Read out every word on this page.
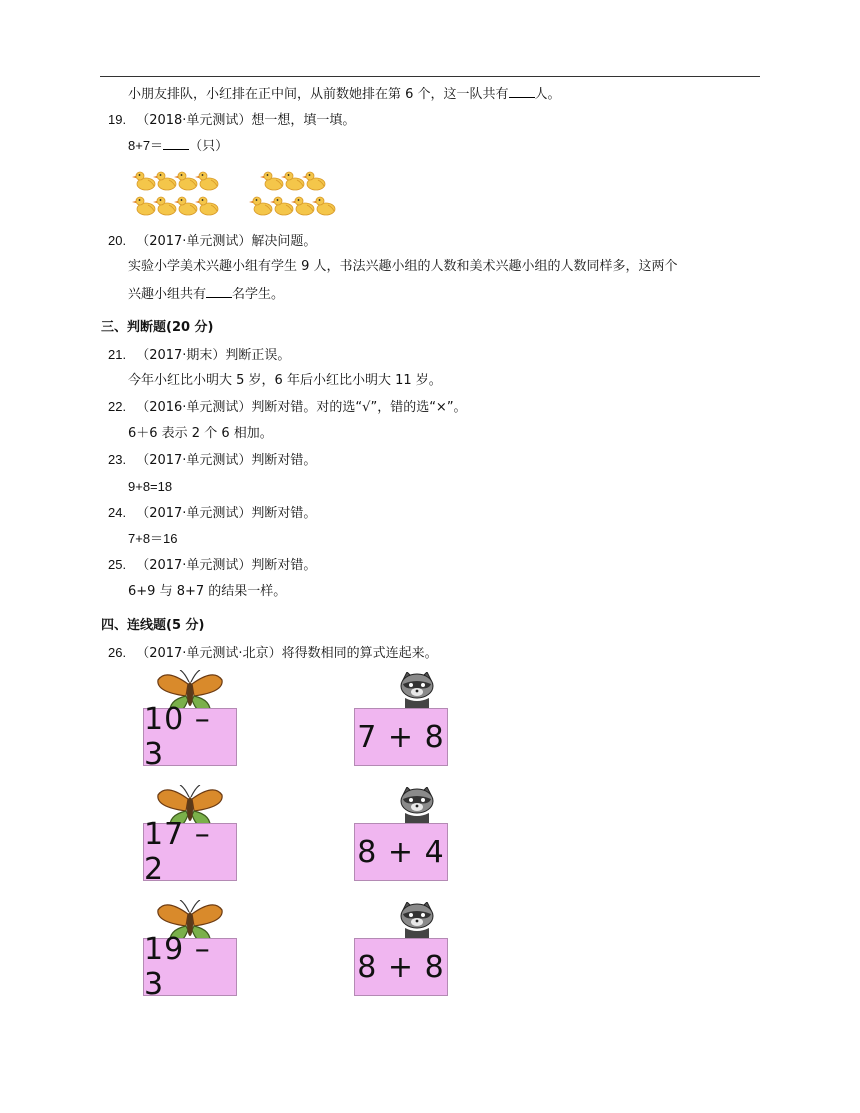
小朋友排队，小红排在正中间，从前数她排在第 6 个，这一队共有 人。
19. （2018·单元测试）想一想，填一填。
8+7＝ （只）
20. （2017·单元测试）解决问题。
实验小学美术兴趣小组有学生 9 人，书法兴趣小组的人数和美术兴趣小组的人数同样多，这两个
兴趣小组共有 名学生。
三、判断题(20 分)
21. （2017·期末）判断正误。
今年小红比小明大 5 岁，6 年后小红比小明大 11 岁。
22. （2016·单元测试）判断对错。对的选“√”，错的选“×”。
6＋6 表示 2 个 6 相加。
23. （2017·单元测试）判断对错。
9+8=18
24. （2017·单元测试）判断对错。
7+8＝16
25. （2017·单元测试）判断对错。
6+9 与 8+7 的结果一样。
四、连线题(5 分)
26. （2017·单元测试·北京）将得数相同的算式连起来。
10 – 3
17 – 2
19 – 3
7 + 8
8 + 4
8 + 8
